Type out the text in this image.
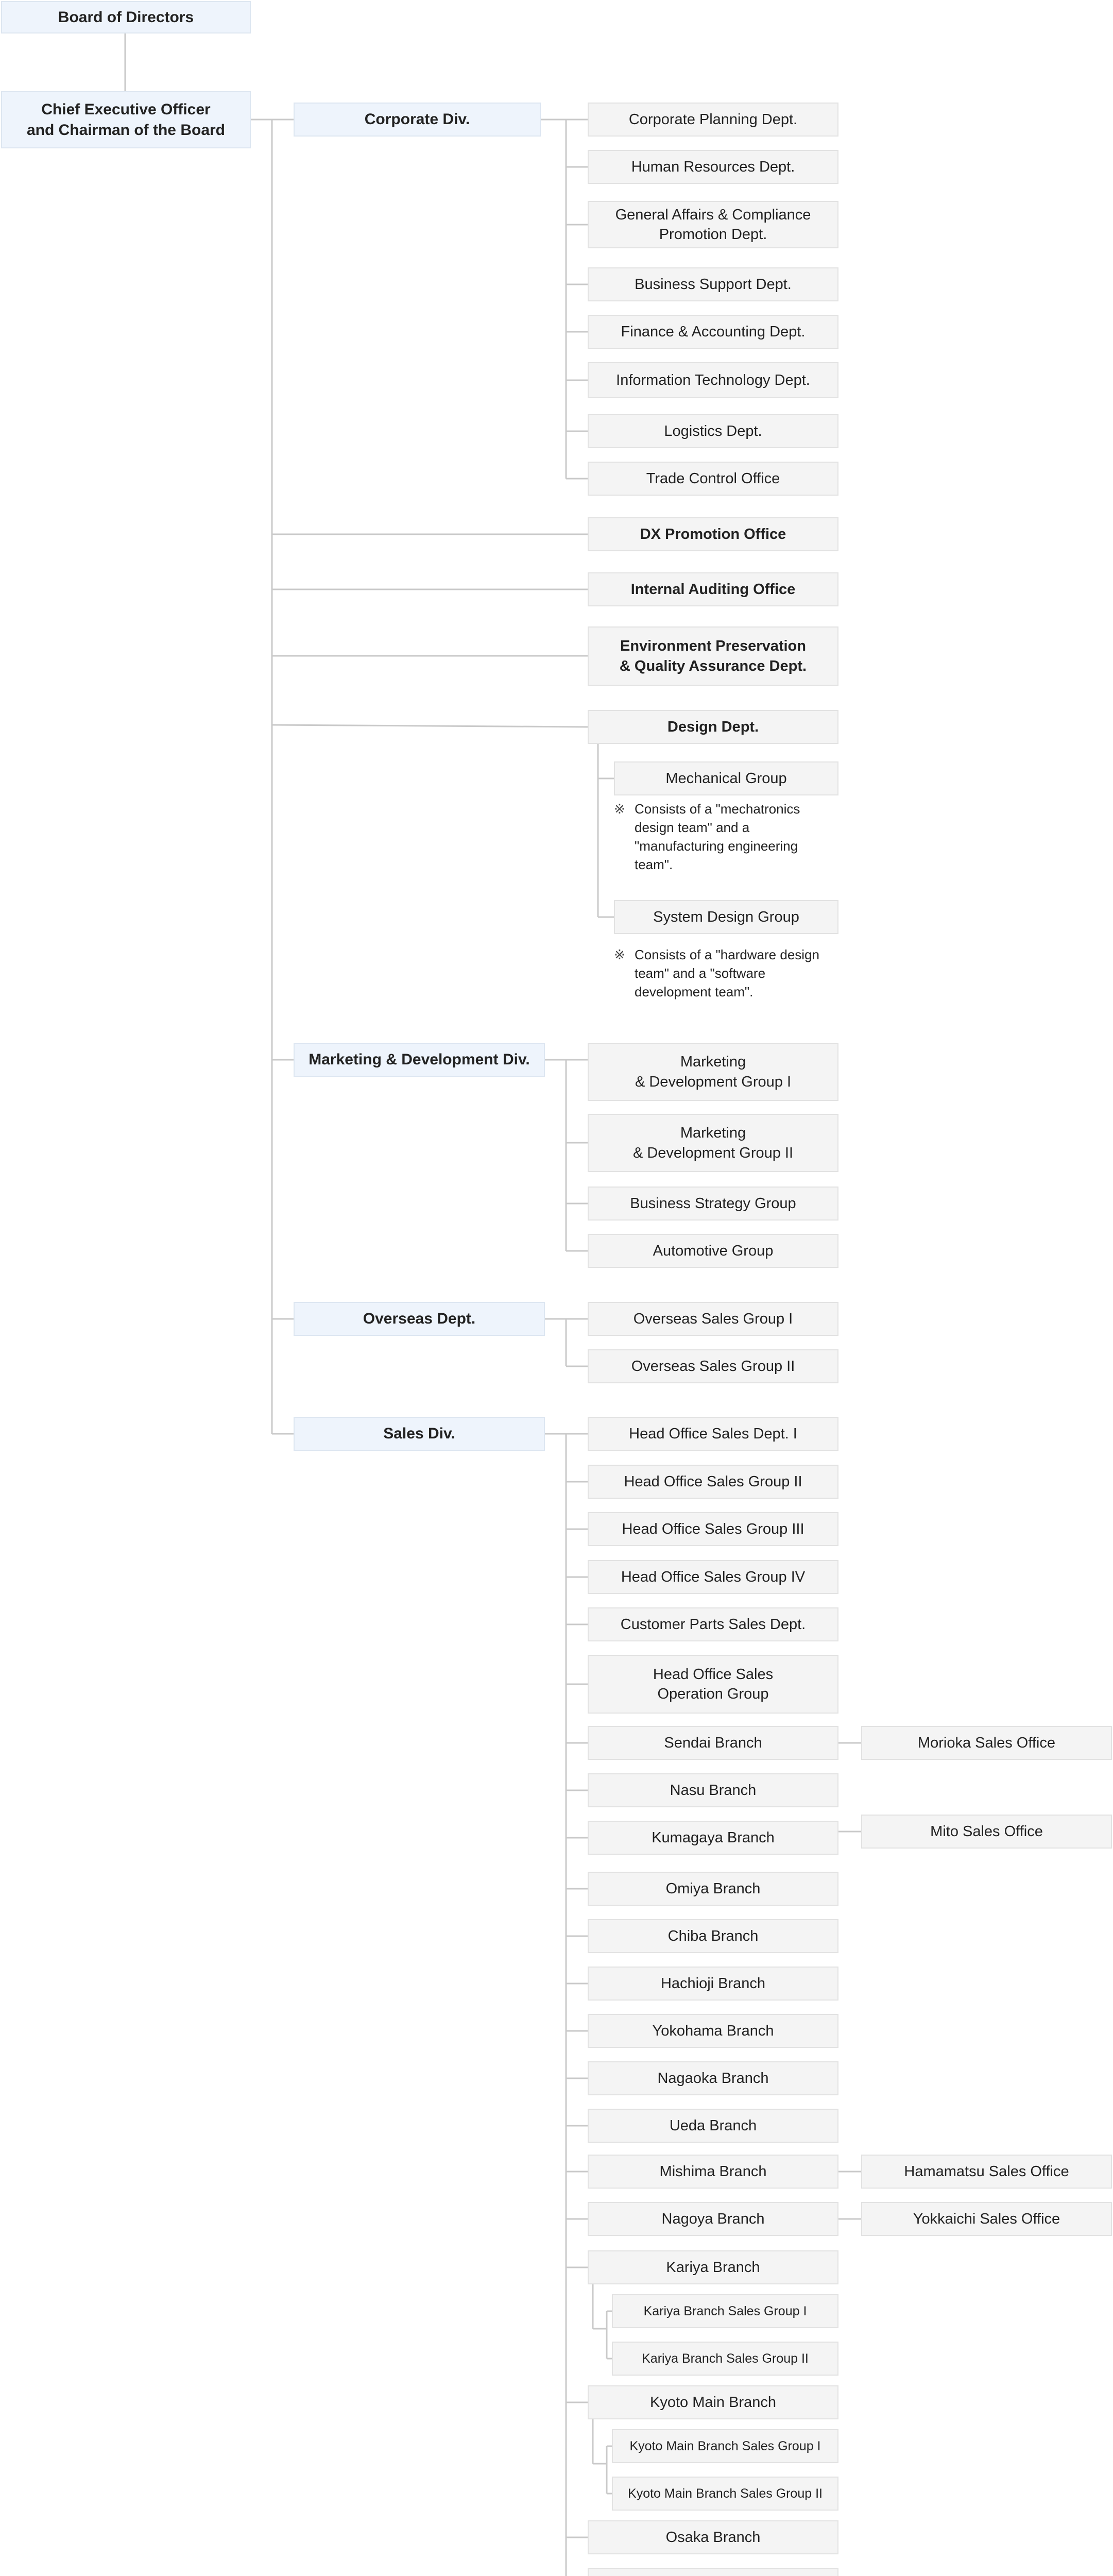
Board of Directors
Chief Executive Officer
and Chairman of the Board
Corporate Div.
Marketing & Development Div.
Overseas Dept.
Sales Div.
Corporate Planning Dept.
Human Resources Dept.
General Affairs & Compliance
Promotion Dept.
Business Support Dept.
Finance & Accounting Dept.
Information Technology Dept.
Logistics Dept.
Trade Control Office
DX Promotion Office
Internal Auditing Office
Environment Preservation
& Quality Assurance Dept.
Design Dept.
Mechanical Group
※ Consists of a "mechatronics
design team" and a
"manufacturing engineering
team".
System Design Group
※ Consists of a "hardware design
team" and a "software
development team".
Marketing
& Development Group I
Marketing
& Development Group II
Business Strategy Group
Automotive Group
Overseas Sales Group I
Overseas Sales Group II
Head Office Sales Dept. I
Head Office Sales Group II
Head Office Sales Group III
Head Office Sales Group IV
Customer Parts Sales Dept.
Head Office Sales
Operation Group
Sendai Branch
Nasu Branch
Kumagaya Branch
Omiya Branch
Chiba Branch
Hachioji Branch
Yokohama Branch
Nagaoka Branch
Ueda Branch
Mishima Branch
Nagoya Branch
Kariya Branch
Kyoto Main Branch
Osaka Branch
Morioka Sales Office
Mito Sales Office
Hamamatsu Sales Office
Yokkaichi Sales Office
Kariya Branch Sales Group I
Kariya Branch Sales Group II
Kyoto Main Branch Sales Group I
Kyoto Main Branch Sales Group II
